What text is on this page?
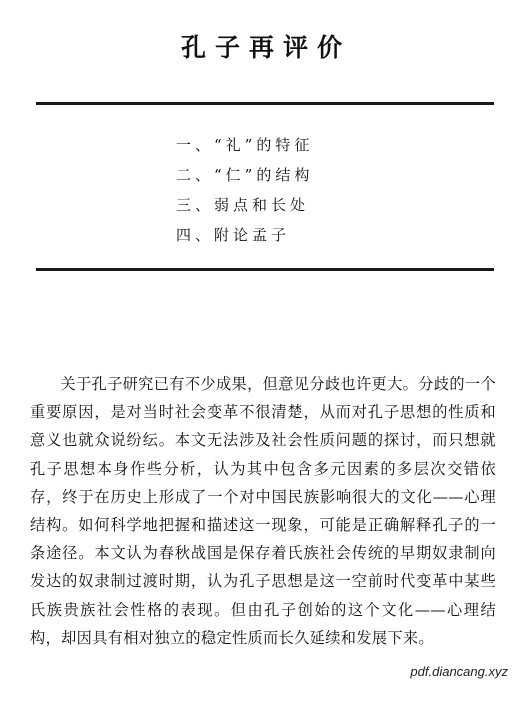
孔子再评价
一、“礼”的特征
二、“仁”的结构
三、弱点和长处
四、附论孟子

关于孔子研究已有不少成果，但意见分歧也许更大。分歧的一个重要原因，是对当时社会变革不很清楚，从而对孔子思想的性质和意义也就众说纷纭。本文无法涉及社会性质问题的探讨，而只想就孔子思想本身作些分析，认为其中包含多元因素的多层次交错依存，终于在历史上形成了一个对中国民族影响很大的文化——心理结构。如何科学地把握和描述这一现象，可能是正确解释孔子的一条途径。本文认为春秋战国是保存着氏族社会传统的早期奴隶制向发达的奴隶制过渡时期，认为孔子思想是这一空前时代变革中某些氏族贵族社会性格的表现。但由孔子创始的这个文化——心理结构，却因具有相对独立的稳定性质而长久延续和发展下来。

pdf.diancang.xyz
